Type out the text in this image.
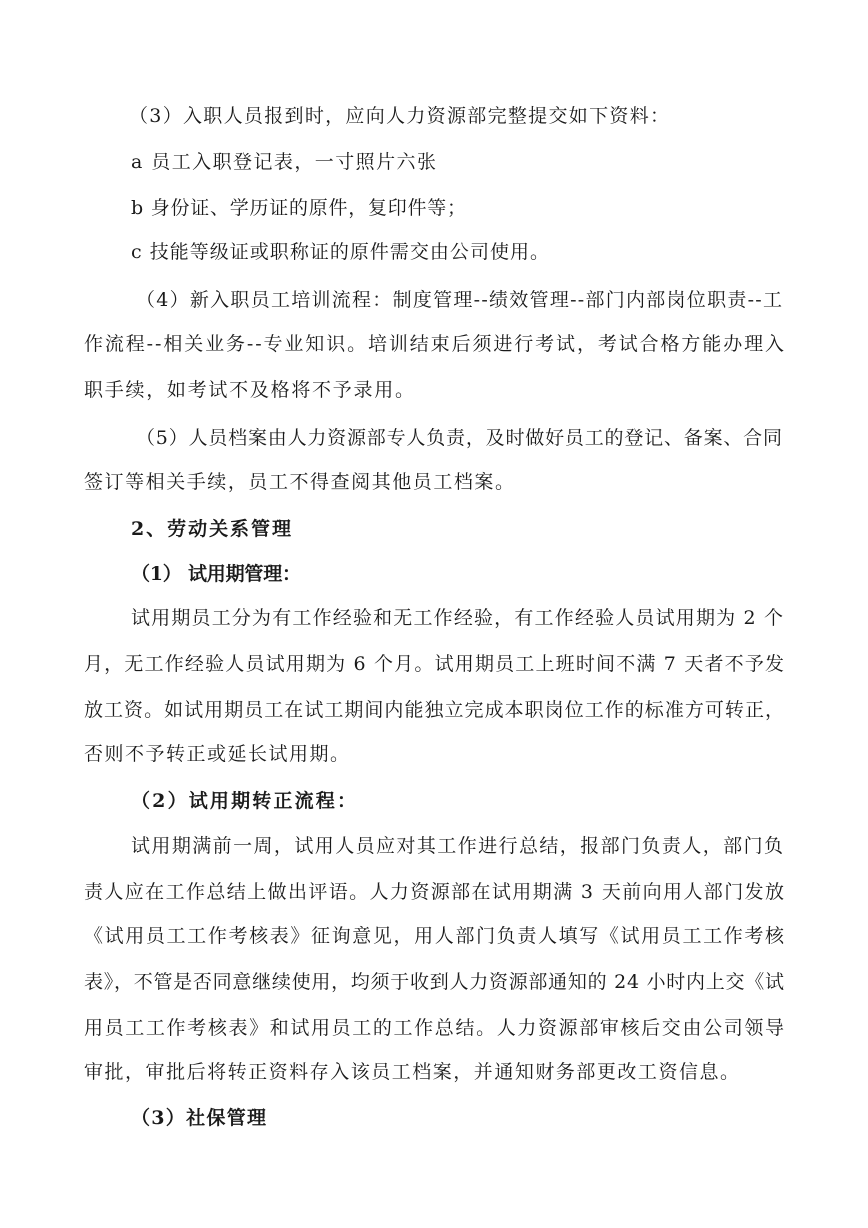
（3）入职人员报到时，应向人力资源部完整提交如下资料：
a 员工入职登记表，一寸照片六张
b 身份证、学历证的原件，复印件等；
c 技能等级证或职称证的原件需交由公司使用。
（4）新入职员工培训流程：制度管理--绩效管理--部门内部岗位职责--工
作流程--相关业务--专业知识。培训结束后须进行考试，考试合格方能办理入
职手续，如考试不及格将不予录用。
（5）人员档案由人力资源部专人负责，及时做好员工的登记、备案、合同
签订等相关手续，员工不得查阅其他员工档案。
2、劳动关系管理
（1） 试用期管理：
试用期员工分为有工作经验和无工作经验，有工作经验人员试用期为 2 个
月，无工作经验人员试用期为 6 个月。试用期员工上班时间不满 7 天者不予发
放工资。如试用期员工在试工期间内能独立完成本职岗位工作的标准方可转正，
否则不予转正或延长试用期。
（2）试用期转正流程：
试用期满前一周，试用人员应对其工作进行总结，报部门负责人，部门负
责人应在工作总结上做出评语。人力资源部在试用期满 3 天前向用人部门发放
《试用员工工作考核表》征询意见，用人部门负责人填写《试用员工工作考核
表》，不管是否同意继续使用，均须于收到人力资源部通知的 24 小时内上交《试
用员工工作考核表》和试用员工的工作总结。人力资源部审核后交由公司领导
审批，审批后将转正资料存入该员工档案，并通知财务部更改工资信息。
（3）社保管理
